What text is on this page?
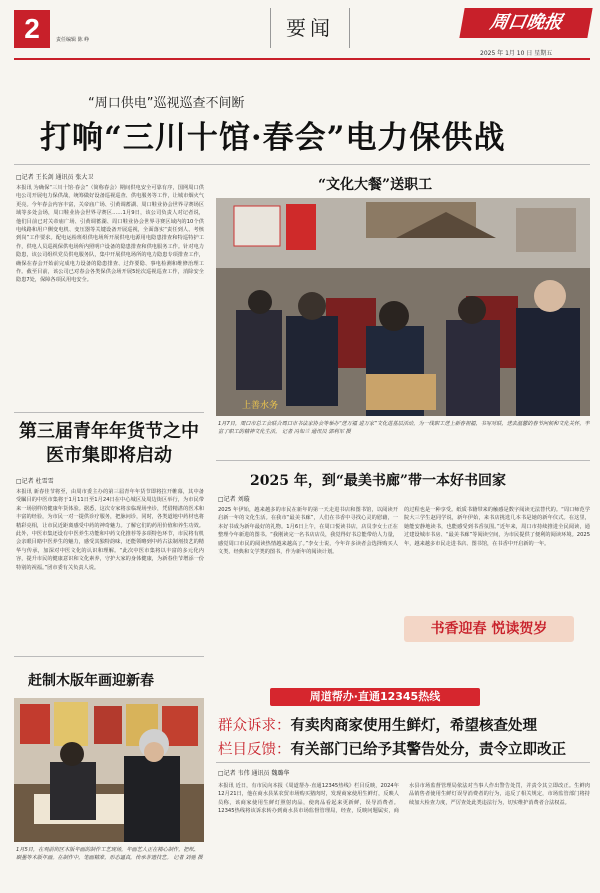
2	责任编辑 陈 峥	要闻	周口晚报
2025 年 1月 10 日 星期五
“周口供电”巡视巡查不间断
打响“三川十馆·春会”电力保供战
□记者 王长剑 通讯员 张大卫
本报讯 为确保“三川十馆·春会”（简称春会）期间供电安全可靠有序，国网周口供电公司开展电力保供战，统筹做好设备巡视巡查、供电服务等工作，让城市烟火气更亮。今年春会内容丰富，关帝庙广场、引黄调蓄湖、周口鞋业协会世界寻赛场区域等多处会场，周口鞋业协会世界寻赛区……1月9日，该公司负责人对记者说，他们目前已对关帝庙广场、引黄调蓄湖、周口鞋业协会世界寻赛区域内的10个供电线路和用户侧变电机、变压器等关键设备开展巡视，全面落实“责任到人、考核到岗”工作要求。配电运检班组供电场所开展供电电源用电隐患排查和特巡特护工作，供电人员巡视保供电场所内照明户设备的隐患排查和供电服务工作。针对电力隐患，该公司组织党员供电服务队，集中开展供电场所的电力隐患专项排查工作，确保在春会开始前完成电力设备的隐患排查、过炸要隐、事电检测和维修治理工作。截至目前，该公司已对春会各类保供会场开展5轮次巡视巡查工作，消除安全隐患7处，保障各项民用电安全。
“文化大餐”送职工
上善水务
1月7日，周口市总工会联合周口市书法家协会等举办“送万福 进万家”文化进基层活动，为一线职工送上新春祝福，书写对联，送去温馨的春节问候和文化关怀，丰富了职工的精神文化生活。 记者 冯如兰 通讯员 郭利军 摄
第三届青年年货节之中医市集即将启动
□记者 杜雪雪
本报讯 新春佳节将至，由周市委主办的第三届青年年货节即将拉开帷幕，其中备受瞩目的中医市集将于1月11日至1月24日在中心城区及周边街区举行，为市民带来一场别样的健康年货体验。据悉，这次专家将亲临现场坐诊，凭借精湛的医术和丰富的经验，为市民一对一提供诊疗服务，把脉问诊，同时，各类道地中药材也将精彩亮相，让市民近距离感受中药的神奇魅力。了解它们的药用价值和养生功效。此外，中医市集还设有中医养生功能和中药文化推荐等多项特色环节，市民将有机会亲眼目睹中医养生的魅力，感受其独特韵味，还能领略到中药古法制剂技艺的精华与传承，加深对中医文化的认识和理解。“此次中医市集将以丰富的多元化内容，提升市民的健康意识和文化素养，守护大家的身体健康，为新春佳节增添一份特别的祝福。”团市委有关负责人说。
2025 年，到“最美书廊”带一本好书回家
□记者 刘璇
2025 年伊始，越来越多的市民在新年的第一天走进书店和图书馆，以阅读开启新一年的文化生活。在我市“最美书廊”，人们在书香中寻找心灵的慰藉，一本好书成为新年最好的礼物。1月6日上午，在周口悦读书店，店员李女士正在整理今年新进的图书。“我刚读完一名书店店员，我觉得好书总能带给人力量，感觉周口市民的阅读热情越来越高了。”李女士说，今年许多读者会选择购买人文类、经典和文学类的图书，作为新年的阅读计划。
的过程也是一种享受。纸质书籍带来的触感是数字阅读无法替代的。“周口师范学院大三学生赵同学说，新年伊始，来书店挑选几本书是她的新年仪式。在这里，她能安静地读书，也能感受到书香氛围。”近年来，周口市持续推进全民阅读，通过建设城市书房、“最美书廊”等阅读空间，为市民提供了便利的阅读环境。2025年，越来越多市民走进书店、图书馆，在书香中开启新的一年。
书香迎春 悦读贺岁
赶制木版年画迎新春
1月5日，在观前街区木版年画的制作工艺现场，年画艺人正在精心制作，把纸、刷墨等木版年画。在制作中，笔画精准，形态逼真，传承非遗技艺。 记者 刘驰 摄
周道帮办·直通12345热线
群众诉求：有卖肉商家使用生鲜灯，希望核查处理
栏目反馈：有关部门已给予其警告处分，责令立即改正
□记者 韦伟 通讯员 魏璐华
本报讯 近日，有市民向本报《周道帮办·直通12345热线》栏目反映，2024年12月21日，他在商水县某农贸市场购买猪肉时，发现商家使用生鲜灯，反映人员称，该商家使用生鲜灯照射肉品，使肉品看起来更新鲜，误导消费者。12345热线将该诉求转办到商水县市场监督管理局，经查，反映问题属实，商水县市场监督管理局依法对当事人作出警告处罚，并责令其立即改正。生鲜肉品销售者使用生鲜灯误导消费者的行为，违反了相关规定，市场监管部门将持续加大检查力度，严厉查处此类违法行为，切实维护消费者合法权益。
